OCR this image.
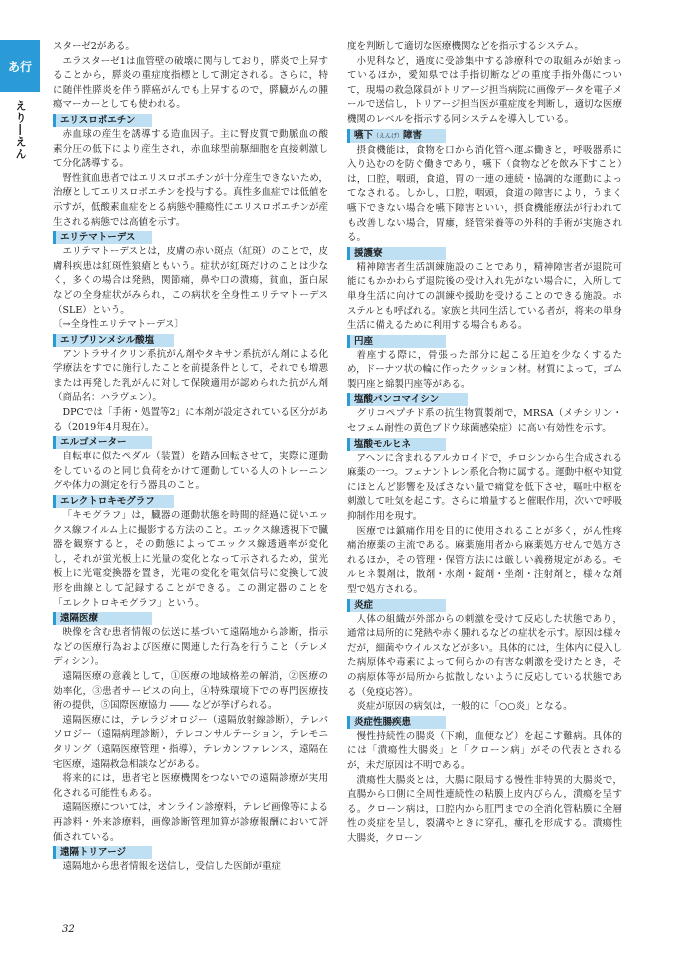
あ行
えり―えん

スターゼ2がある。

エラスターゼ1は血管壁の破壊に関与しており，膵炎で上昇することから，膵炎の重症度指標として測定される。さらに，特に随伴性膵炎を伴う膵癌がんでも上昇するので，膵臓がんの腫瘍マーカーとしても使われる。

エリスロポエチン

赤血球の産生を誘導する造血因子。主に腎皮質で動脈血の酸素分圧の低下により産生され，赤血球型前駆細胞を直接刺激して分化誘導する。

腎性貧血患者ではエリスロポエチンが十分産生できないため，治療としてエリスロポエチンを投与する。真性多血症では低値を示すが，低酸素血症をとる病態や腫瘍性にエリスロポエチンが産生される病態では高値を示す。

エリテマトーデス

エリテマトーデスとは，皮膚の赤い斑点（紅斑）のことで，皮膚科疾患は紅斑性狼瘡ともいう。症状が紅斑だけのことは少なく，多くの場合は発熱，関節痛，鼻や口の潰瘍，貧血，蛋白尿などの全身症状がみられ，この病状を全身性エリテマトーデス（SLE）という。

〔→全身性エリテマトーデス〕

エリブリンメシル酸塩

アントラサイクリン系抗がん剤やタキサン系抗がん剤による化学療法をすでに施行したことを前提条件として，それでも増悪または再発した乳がんに対して保険適用が認められた抗がん剤（商品名：ハラヴェン）。

DPCでは「手術・処置等2」に本剤が設定されている区分がある（2019年4月現在）。

エルゴメーター

自転車に似たペダル（装置）を踏み回転させて，実際に運動をしているのと同じ負荷をかけて運動している人のトレーニングや体力の測定を行う器具のこと。

エレクトロキモグラフ

「キモグラフ」は，臓器の運動状態を時間的経過に従いエックス線フイルム上に撮影する方法のこと。エックス線透視下で臓器を観察すると，その動態によってエックス線透過率が変化し，それが蛍光板上に光量の変化となって示されるため，蛍光板上に光電変換器を置き，光電の変化を電気信号に変換して波形を曲線として記録することができる。この測定器のことを「エレクトロキモグラフ」という。

遠隔医療

映像を含む患者情報の伝送に基づいて遠隔地から診断，指示などの医療行為および医療に関連した行為を行うこと（テレメディシン）。

遠隔医療の意義として，①医療の地域格差の解消，②医療の効率化，③患者サービスの向上，④特殊環境下での専門医療技術の提供，⑤国際医療協力 ―― などが挙げられる。

遠隔医療には，テレラジオロジー（遠隔放射線診断），テレパソロジー（遠隔病理診断），テレコンサルテーション，テレモニタリング（遠隔医療管理・指導），テレカンファレンス，遠隔在宅医療，遠隔救急相談などがある。

将来的には，患者宅と医療機関をつないでの遠隔診療が実用化される可能性もある。

遠隔医療については，オンライン診療料，テレビ画像等による再診料・外来診療料，画像診断管理加算が診療報酬において評価されている。

遠隔トリアージ

遠隔地から患者情報を送信し，受信した医師が重症

度を判断して適切な医療機関などを指示するシステム。

小児科など，過度に受診集中する診療科での取組みが始まっているほか，愛知県では手指切断などの重度手指外傷について，現場の救急隊員がトリアージ担当病院に画像データを電子メールで送信し，トリアージ担当医が重症度を判断し，適切な医療機関のレベルを指示する同システムを導入している。

嚥下（えんげ）障害

摂食機能は，食物を口から消化管へ運ぶ働きと，呼吸器系に入り込むのを防ぐ働きであり，嚥下（食物などを飲み下すこと）は，口腔，咽頭，食道，胃の一連の連続・協調的な運動によってなされる。しかし，口腔，咽頭，食道の障害により，うまく嚥下できない場合を嚥下障害といい，摂食機能療法が行われても改善しない場合，胃瘻，経管栄養等の外科的手術が実施される。

援護寮

精神障害者生活訓練施設のことであり，精神障害者が退院可能にもかかわらず退院後の受け入れ先がない場合に，入所して単身生活に向けての訓練や援助を受けることのできる施設。ホステルとも呼ばれる。家族と共同生活している者が，将来の単身生活に備えるために利用する場合もある。

円座

着座する際に，骨張った部分に起こる圧迫を少なくするため，ドーナツ状の輪に作ったクッション材。材質によって，ゴム製円座と綿製円座等がある。

塩酸バンコマイシン

グリコペプチド系の抗生物質製剤で，MRSA（メチシリン・セフェム耐性の黄色ブドウ球菌感染症）に高い有効性を示す。

塩酸モルヒネ

アヘンに含まれるアルカロイドで，チロシンから生合成される麻薬の一つ。フェナントレン系化合物に属する。運動中枢や知覚にほとんど影響を及ぼさない量で痛覚を低下させ，嘔吐中枢を刺激して吐気を起こす。さらに増量すると催眠作用，次いで呼吸抑制作用を現す。

医療では鎮痛作用を目的に使用されることが多く，がん性疼痛治療薬の主流である。麻薬施用者から麻薬処方せんで処方されるほか，その管理・保管方法には厳しい義務規定がある。モルヒネ製剤は，散剤・水剤・錠剤・坐剤・注射剤と，様々な剤型で処方される。

炎症

人体の組織が外部からの刺激を受けて反応した状態であり，通常は局所的に発熱や赤く腫れるなどの症状を示す。原因は様々だが，細菌やウイルスなどが多い。具体的には，生体内に侵入した病原体や毒素によって何らかの有害な刺激を受けたとき，その病原体等が局所から拡散しないように反応している状態である（免疫応答）。

炎症が原因の病気は，一般的に「○○炎」となる。

炎症性腸疾患

慢性持続性の腸炎（下痢，血便など）を起こす難病。具体的には「潰瘍性大腸炎」と「クローン病」がその代表とされるが，未だ原因は不明である。

潰瘍性大腸炎とは，大腸に限局する慢性非特異的大腸炎で，直腸から口側に全周性連続性の粘膜上皮内びらん，潰瘍を呈する。クローン病は，口腔内から肛門までの全消化管粘膜に全層性の炎症を呈し，裂溝やときに穿孔，瘻孔を形成する。潰瘍性大腸炎，クローン

32
